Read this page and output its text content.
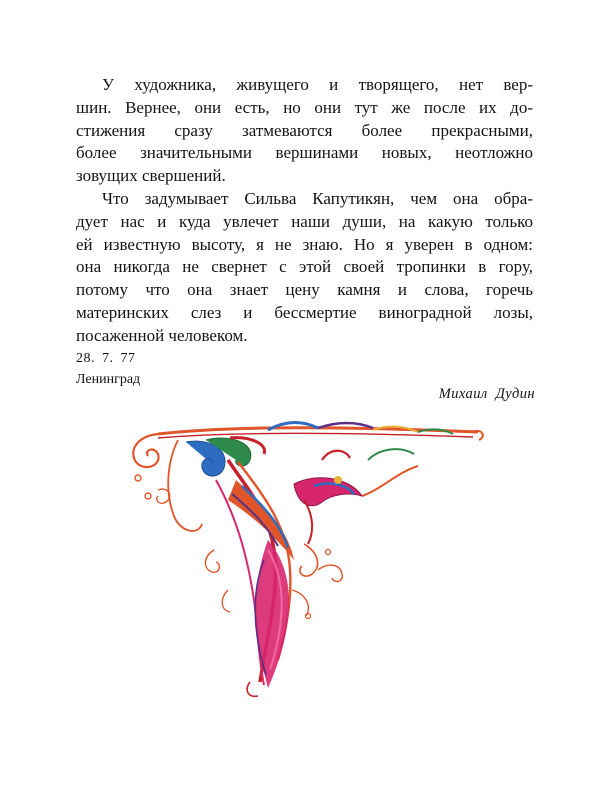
У художника, живущего и творящего, нет вер-
шин. Вернее, они есть, но они тут же после их до-
стижения сразу затмеваются более прекрасными,
более значительными вершинами новых, неотложно
зовущих свершений.
Что задумывает Сильва Капутикян, чем она обра-
дует нас и куда увлечет наши души, на какую только
ей известную высоту, я не знаю. Но я уверен в одном:
она никогда не свернет с этой своей тропинки в гору,
потому что она знает цену камня и слова, горечь
материнских слез и бессмертие виноградной лозы,
посаженной человеком.
28. 7. 77
Ленинград
Михаил Дудин
